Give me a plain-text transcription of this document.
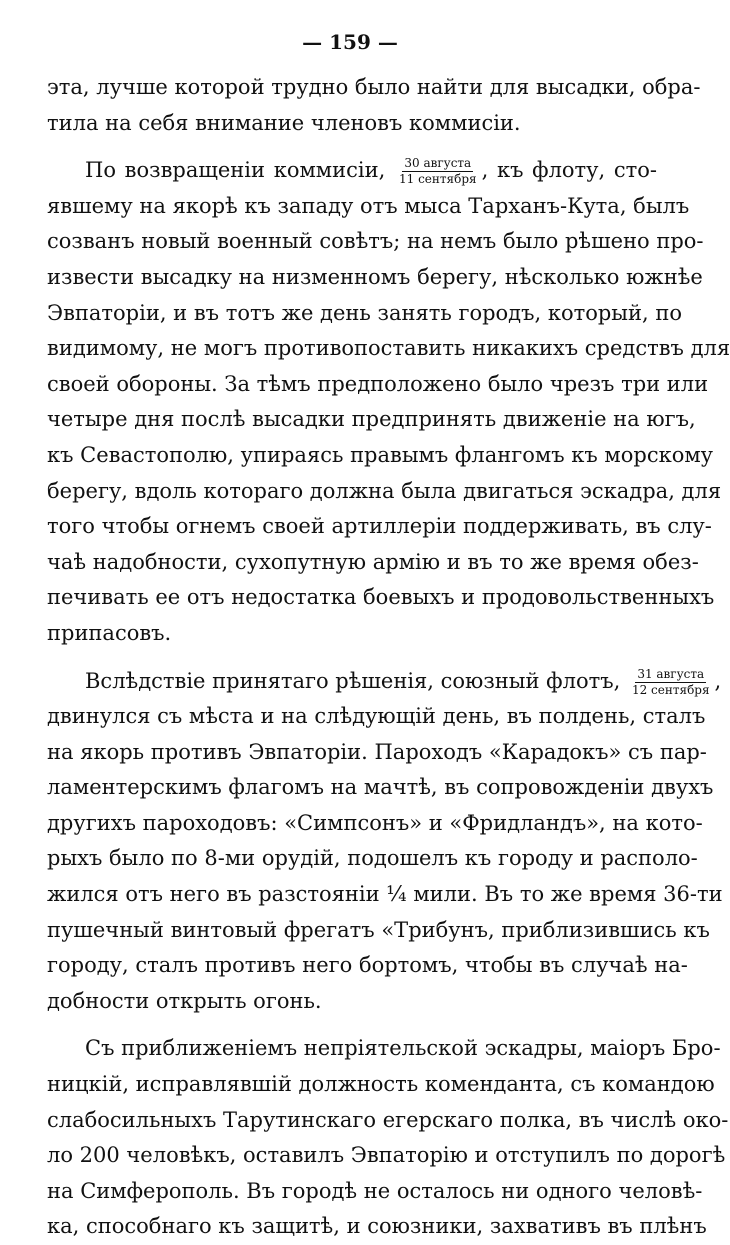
— 159 —
эта, лучше которой трудно было найти для высадки, обра-
тила на себя внимание членовъ коммисіи.
По возвращеніи коммисіи, $\frac{\text{30 августа}}{\text{11 сентября}}$ , къ флоту, сто-
явшему на якорѣ къ западу отъ мыса Тарханъ-Кута, былъ
созванъ новый военный совѣтъ; на немъ было рѣшено про-
извести высадку на низменномъ берегу, нѣсколько южнѣе
Эвпаторіи, и въ тотъ же день занять городъ, который, по
видимому, не могъ противопоставить никакихъ средствъ для
своей обороны. За тѣмъ предположено было чрезъ три или
четыре дня послѣ высадки предпринять движеніе на югъ,
къ Севастополю, упираясь правымъ флангомъ къ морскому
берегу, вдоль котораго должна была двигаться эскадра, для
того чтобы огнемъ своей артиллеріи поддерживать, въ слу-
чаѣ надобности, сухопутную армію и въ то же время обез-
печивать ее отъ недостатка боевыхъ и продовольственныхъ
припасовъ.
Вслѣдствіе принятаго рѣшенія, союзный флотъ, $\frac{\text{31 августа}}{\text{12 сентября}}$ ,
двинулся съ мѣста и на слѣдующій день, въ полдень, сталъ
на якорь противъ Эвпаторіи. Пароходъ «Карадокъ» съ пар-
ламентерскимъ флагомъ на мачтѣ, въ сопровожденіи двухъ
другихъ пароходовъ: «Симпсонъ» и «Фридландъ», на кото-
рыхъ было по 8-ми орудій, подошелъ къ городу и располо-
жился отъ него въ разстояніи ¼ мили. Въ то же время 36-ти
пушечный винтовый фрегатъ «Трибунъ, приблизившись къ
городу, сталъ противъ него бортомъ, чтобы въ случаѣ на-
добности открыть огонь.
Съ приближеніемъ непріятельской эскадры, маіоръ Бро-
ницкій, исправлявшій должность коменданта, съ командою
слабосильныхъ Тарутинскаго егерскаго полка, въ числѣ око-
ло 200 человѣкъ, оставилъ Эвпаторію и отступилъ по дорогѣ
на Симферополь. Въ городѣ не осталось ни одного человѣ-
ка, способнаго къ защитѣ, и союзники, захвативъ въ плѣнъ
